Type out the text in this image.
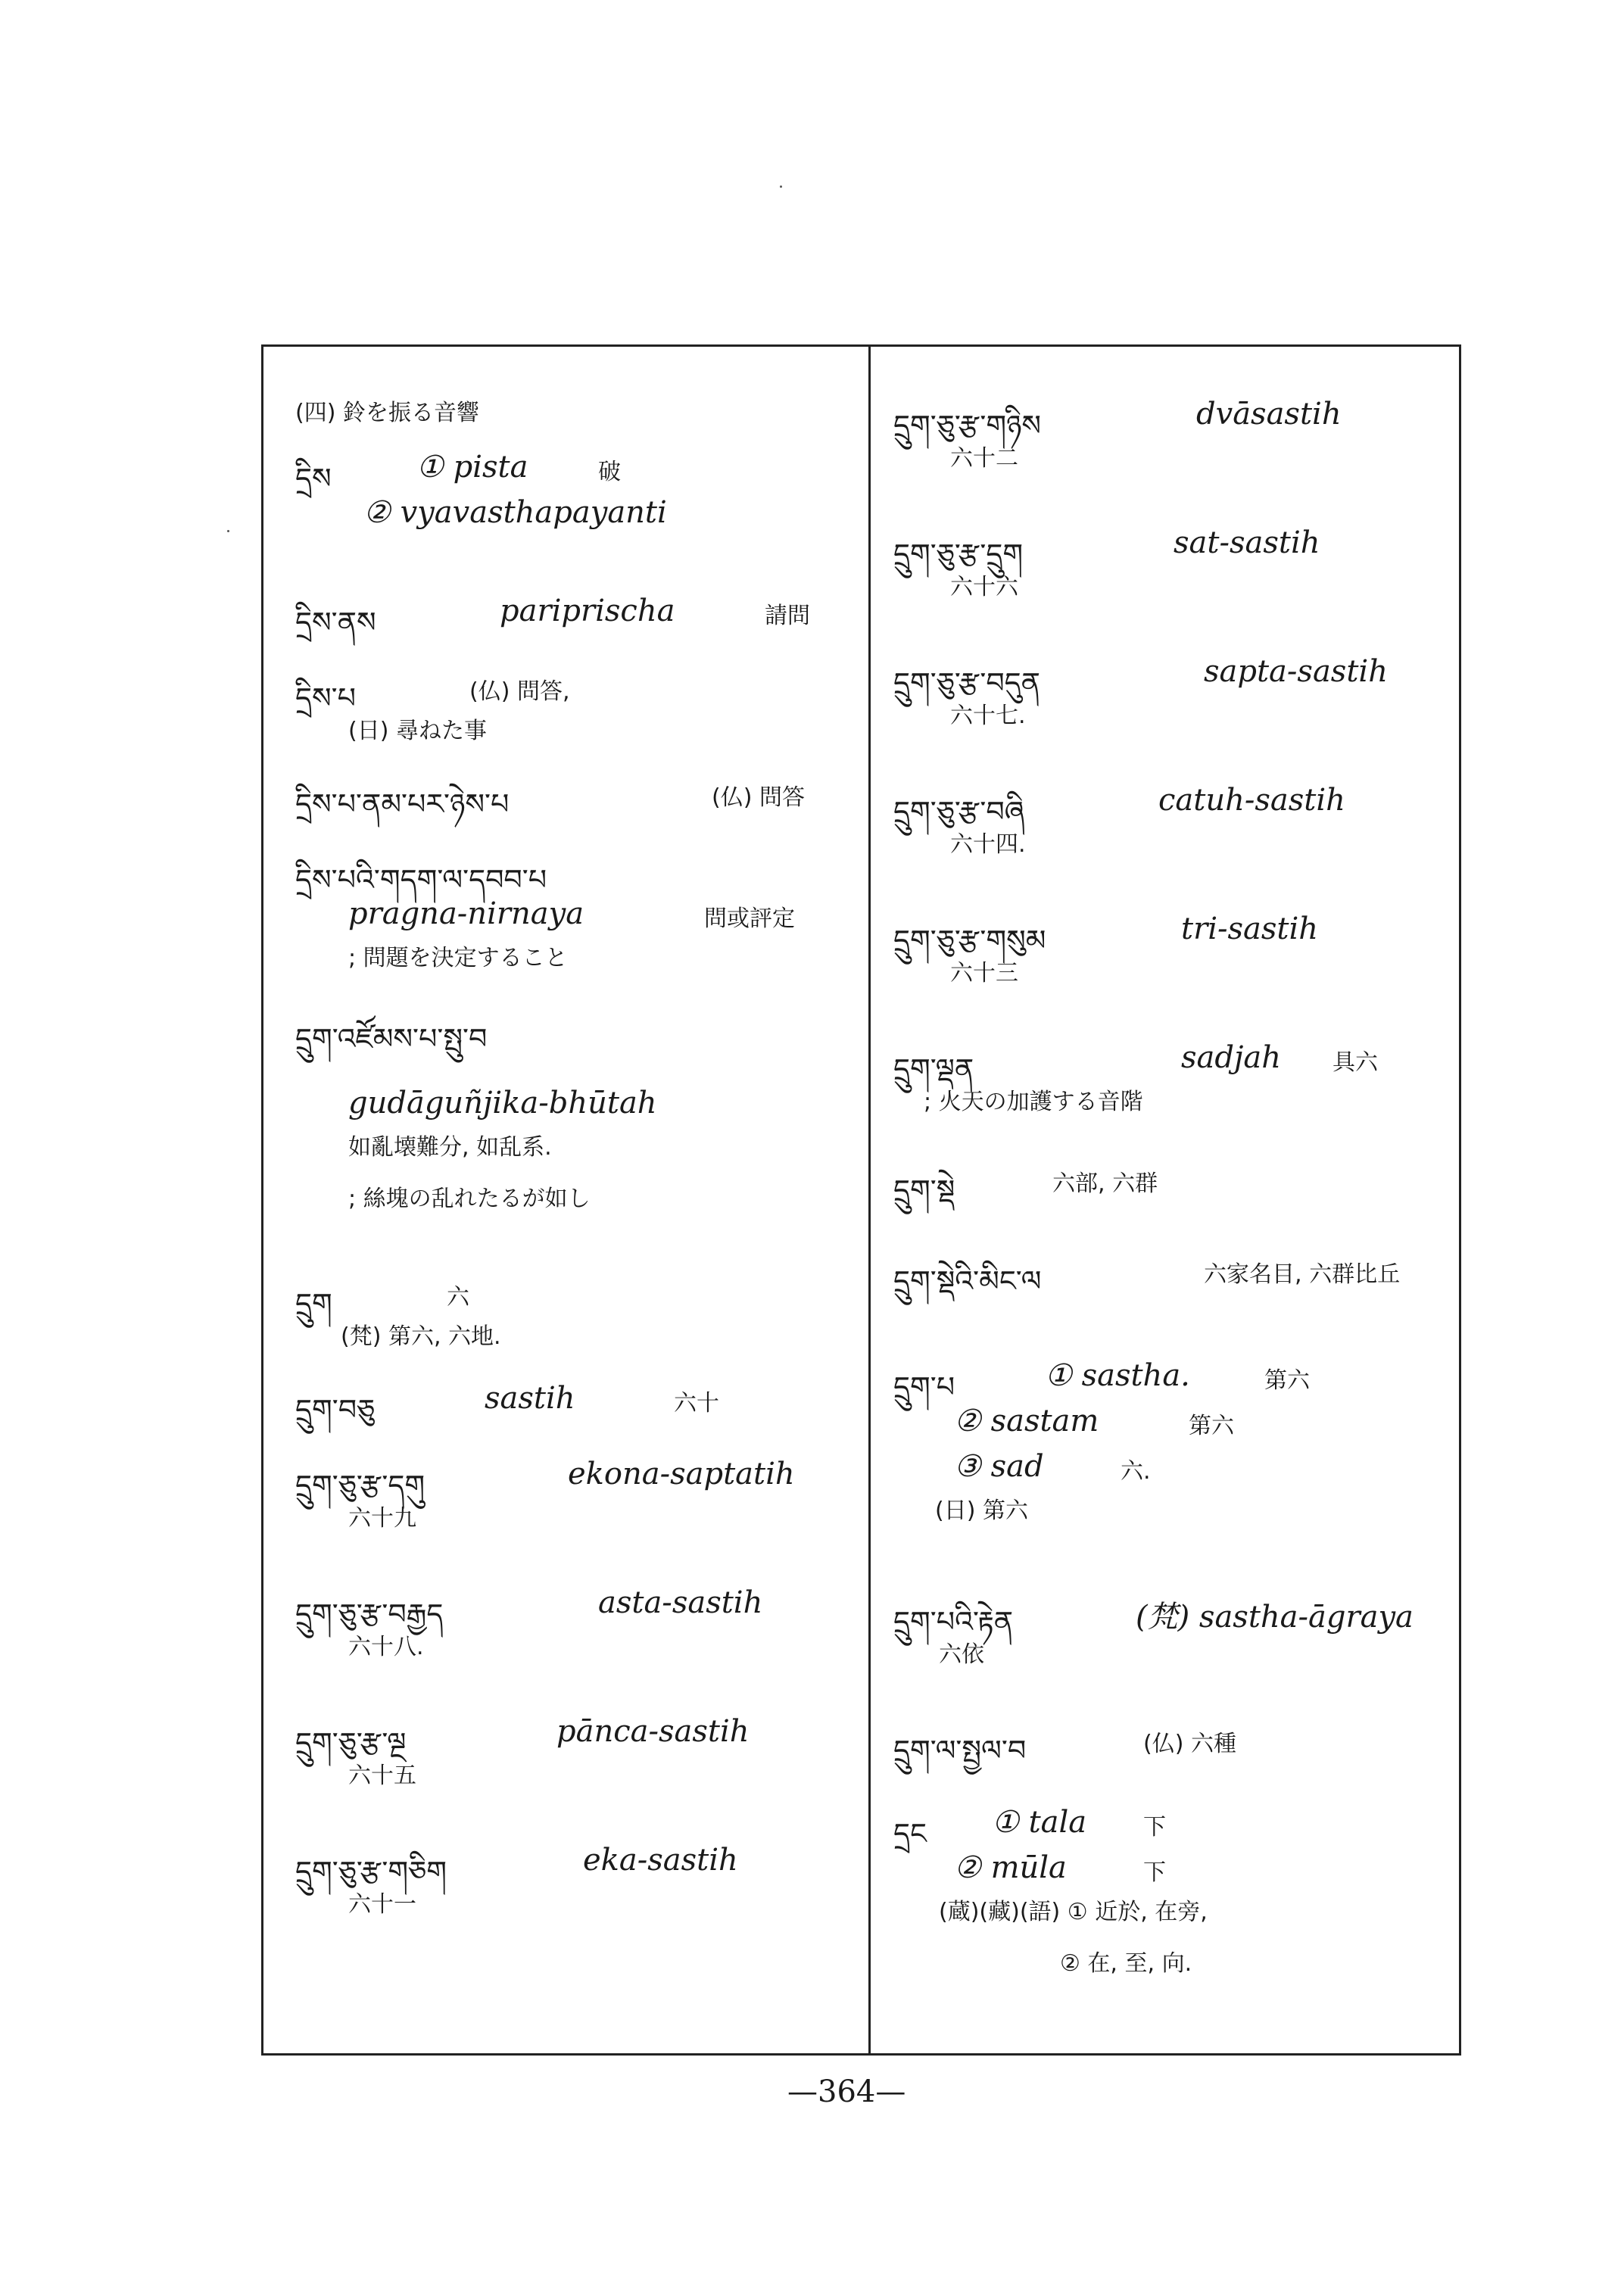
(四) 鈴を振る音響
དྲིས	① pista	破
② vyavasthapayanti
དྲིས་ནས	pariprischa	請問
དྲིས་པ	(仏) 問答,
(日) 尋ねた事
དྲིས་པ་ནམ་པར་ཉེས་པ	(仏) 問答
དྲིས་པའི་གདག་ལ་དབབ་པ
pragna-nirnaya	問或評定
; 問題を決定すること
དྲུག་འཛོམས་པ་སྤུ་བ
gudāguñjika-bhūtah
如亂壊難分, 如乱系.
; 絲塊の乱れたるが如し
དྲུག	六
(梵) 第六, 六地.
དྲུག་བཅུ	sastih	六十
དྲུག་ཅུ་རྩ་དགུ	ekona-saptatih
六十九
དྲུག་ཅུ་རྩ་བརྒྱད	asta-sastih
六十八.
དྲུག་ཅུ་རྩ་ལྔ	pānca-sastih
六十五
དྲུག་ཅུ་རྩ་གཅིག	eka-sastih
六十一
དྲུག་ཅུ་རྩ་གཉིས	dvāsastih
六十二
དྲུག་ཅུ་རྩ་དྲུག	sat-sastih
六十六
དྲུག་ཅུ་རྩ་བདུན	sapta-sastih
六十七.
དྲུག་ཅུ་རྩ་བཞི	catuh-sastih
六十四.
དྲུག་ཅུ་རྩ་གསུམ	tri-sastih
六十三
དྲུག་ལྡན	sadjah 具六
; 火天の加護する音階
དྲུག་སྡེ	六部, 六群
དྲུག་སྡེའི་མིང་ལ	六家名目, 六群比丘
དྲུག་པ	① sastha.	第六
② sastam	第六
③ sad	六.
(日) 第六
དྲུག་པའི་རྟེན	(梵) sastha-āgraya
六依
དྲུག་ལ་སྤྱལ་བ	(仏) 六種
དྲང ① tala 下
② mūla	下
(蔵)(藏)(語) ① 近於, 在旁,
② 在, 至, 向.
—364—
